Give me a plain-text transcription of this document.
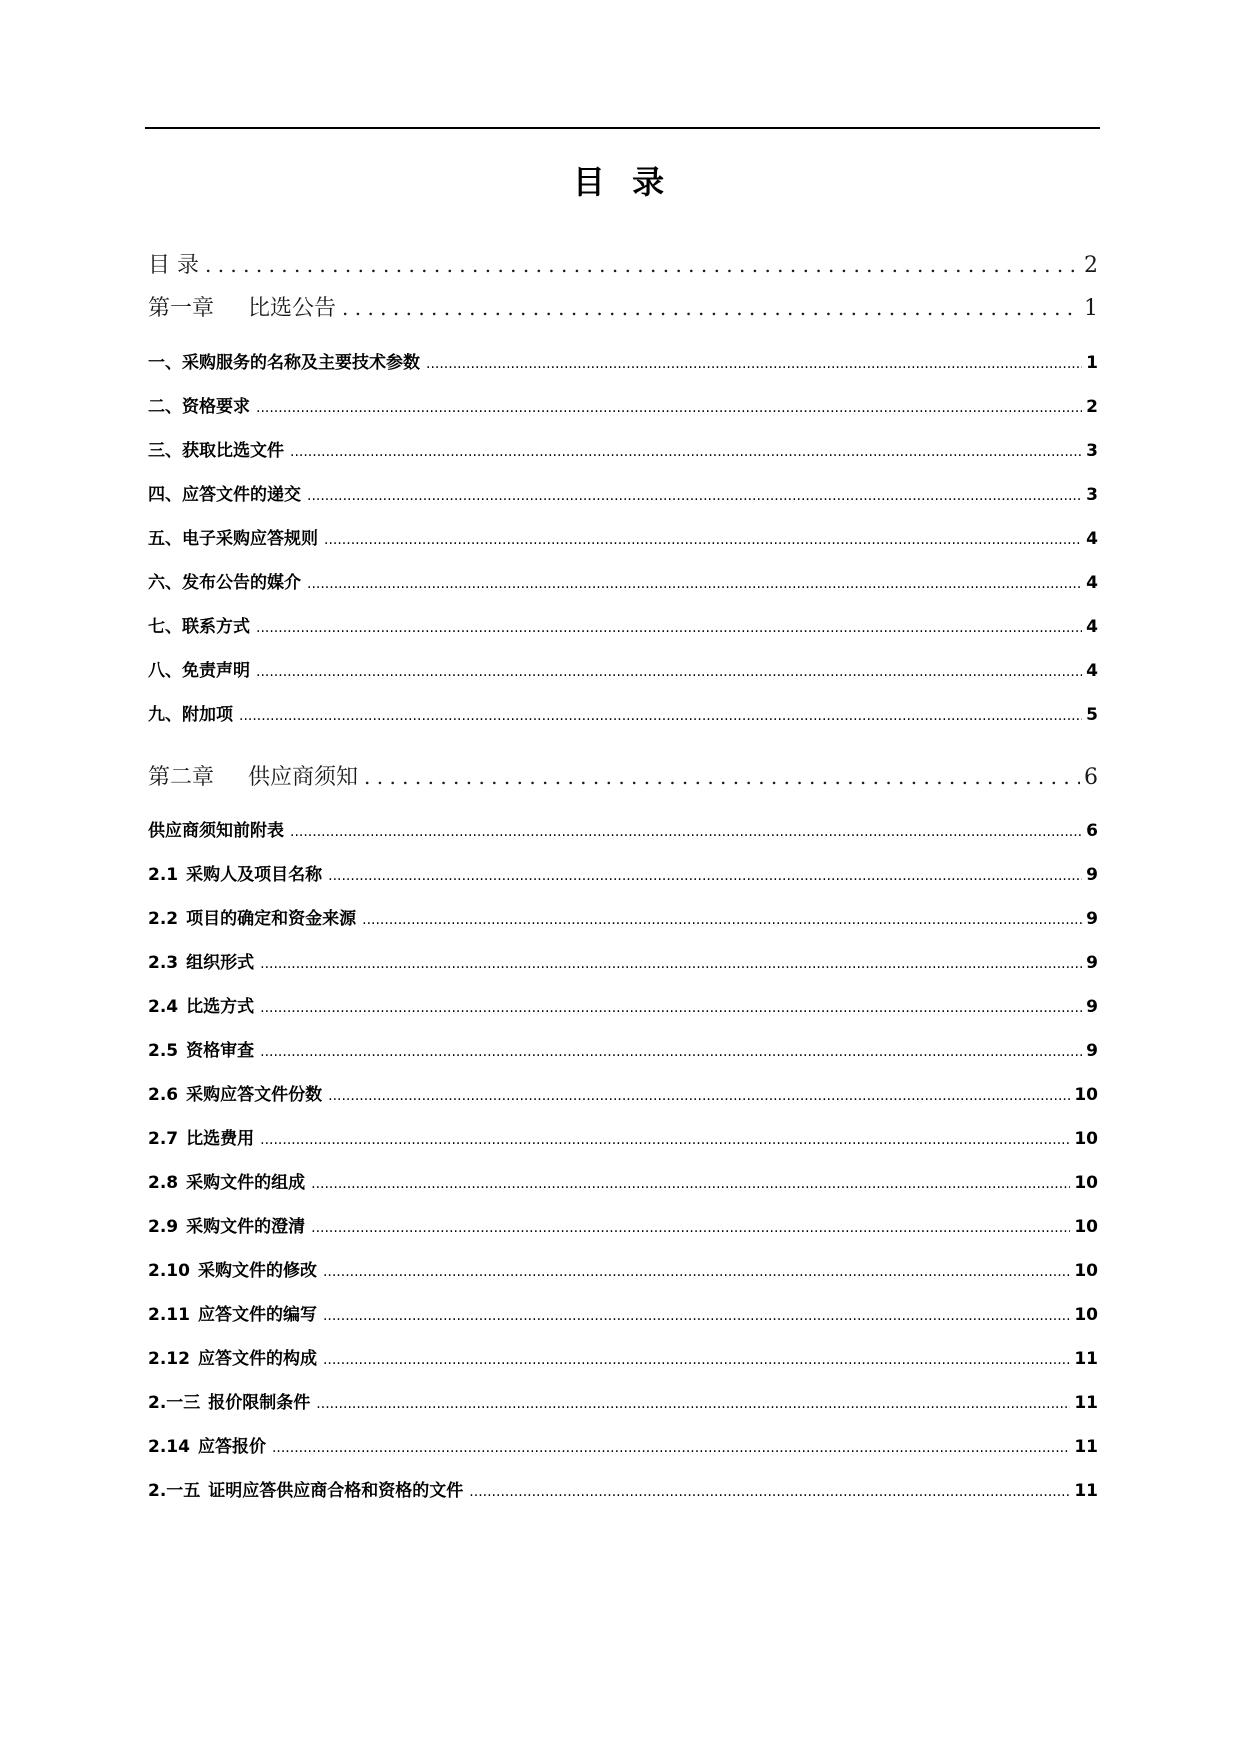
目 录
目 录 . . .	2
第一章 比选公告 . . .	1
一、采购服务的名称及主要技术参数 .....	1
二、资格要求 .....	2
三、获取比选文件 .....	3
四、应答文件的递交 .....	3
五、电子采购应答规则 .....	4
六、发布公告的媒介 .....	4
七、联系方式 .....	4
八、免责声明 .....	4
九、附加项 .....	5
第二章 供应商须知 . . .	6
供应商须知前附表 .....	6
2.1 采购人及项目名称 .....	9
2.2 项目的确定和资金来源 .....	9
2.3 组织形式 .....	9
2.4 比选方式 .....	9
2.5 资格审查 .....	9
2.6 采购应答文件份数 .....	10
2.7 比选费用 .....	10
2.8 采购文件的组成 .....	10
2.9 采购文件的澄清 .....	10
2.10 采购文件的修改 .....	10
2.11 应答文件的编写 .....	10
2.12 应答文件的构成 .....	11
2.一三 报价限制条件 .....	11
2.14 应答报价 .....	11
2.一五 证明应答供应商合格和资格的文件 .....	11
